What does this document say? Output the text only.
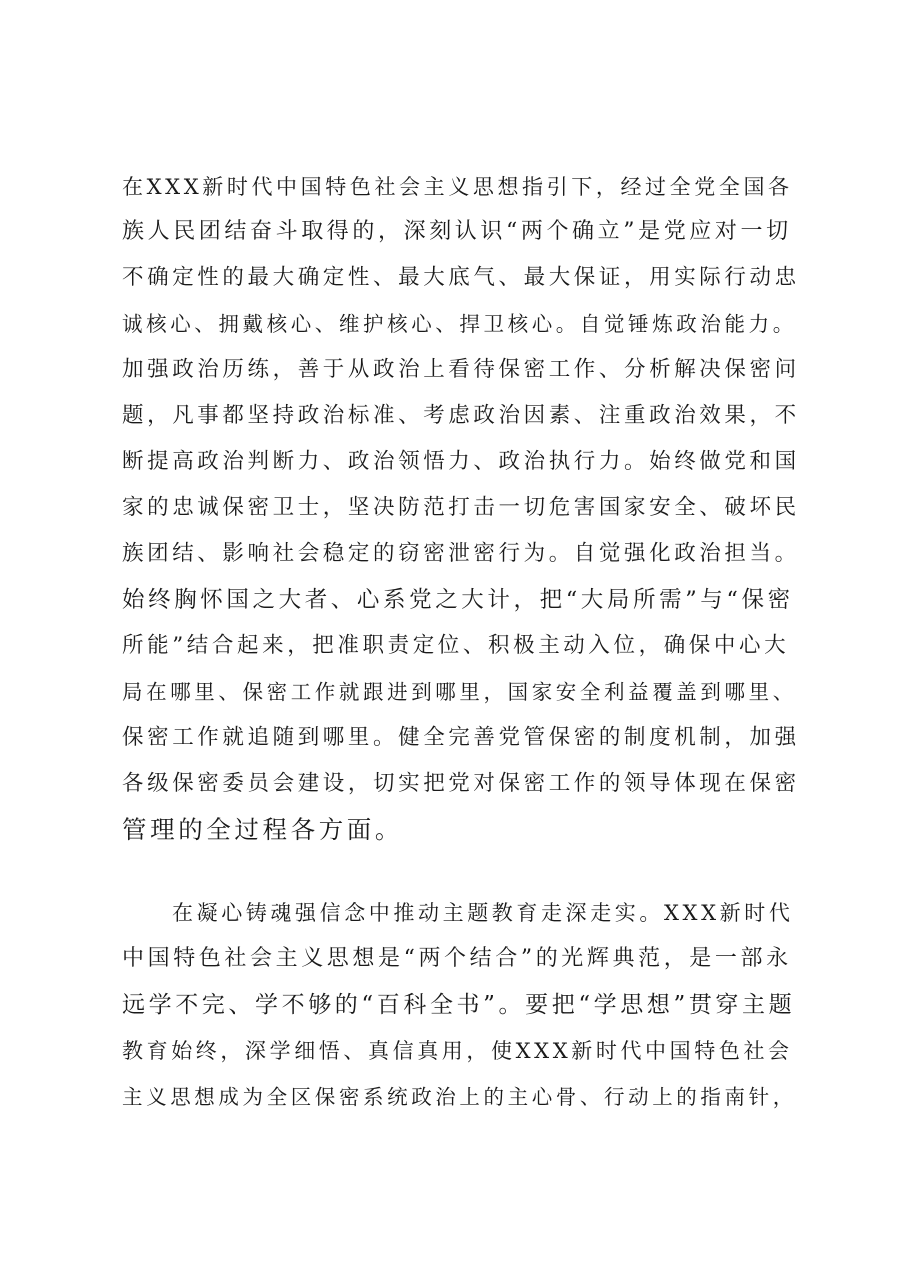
在XXX新时代中国特色社会主义思想指引下，经过全党全国各
族人民团结奋斗取得的，深刻认识“两个确立”是党应对一切
不确定性的最大确定性、最大底气、最大保证，用实际行动忠
诚核心、拥戴核心、维护核心、捍卫核心。自觉锤炼政治能力。
加强政治历练，善于从政治上看待保密工作、分析解决保密问
题，凡事都坚持政治标准、考虑政治因素、注重政治效果，不
断提高政治判断力、政治领悟力、政治执行力。始终做党和国
家的忠诚保密卫士，坚决防范打击一切危害国家安全、破坏民
族团结、影响社会稳定的窃密泄密行为。自觉强化政治担当。
始终胸怀国之大者、心系党之大计，把“大局所需”与“保密
所能”结合起来，把准职责定位、积极主动入位，确保中心大
局在哪里、保密工作就跟进到哪里，国家安全利益覆盖到哪里、
保密工作就追随到哪里。健全完善党管保密的制度机制，加强
各级保密委员会建设，切实把党对保密工作的领导体现在保密
管理的全过程各方面。
在凝心铸魂强信念中推动主题教育走深走实。XXX新时代
中国特色社会主义思想是“两个结合”的光辉典范，是一部永
远学不完、学不够的“百科全书”。要把“学思想”贯穿主题
教育始终，深学细悟、真信真用，使XXX新时代中国特色社会
主义思想成为全区保密系统政治上的主心骨、行动上的指南针，
